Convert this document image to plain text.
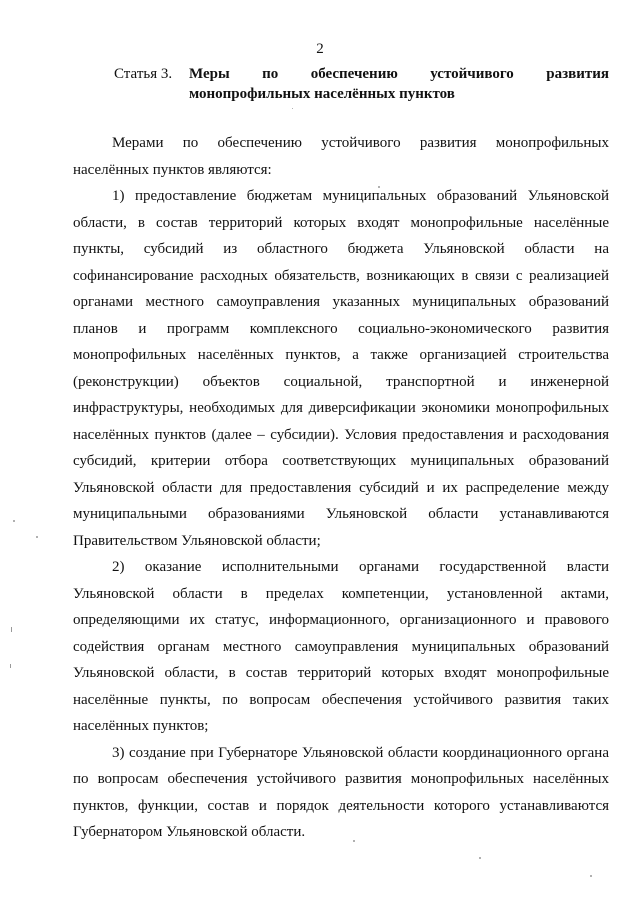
2
Статья 3. Меры по обеспечению устойчивого развития
монопрофильных населённых пунктов

Мерами по обеспечению устойчивого развития монопрофильных населённых пунктов являются:

1) предоставление бюджетам муниципальных образований Ульяновской области, в состав территорий которых входят монопрофильные населённые пункты, субсидий из областного бюджета Ульяновской области на софинансирование расходных обязательств, возникающих в связи с реализацией органами местного самоуправления указанных муниципальных образований планов и программ комплексного социально-экономического развития монопрофильных населённых пунктов, а также организацией строительства (реконструкции) объектов социальной, транспортной и инженерной инфраструктуры, необходимых для диверсификации экономики монопрофильных населённых пунктов (далее – субсидии). Условия предоставления и расходования субсидий, критерии отбора соответствующих муниципальных образований Ульяновской области для предоставления субсидий и их распределение между муниципальными образованиями Ульяновской области устанавливаются Правительством Ульяновской области;

2) оказание исполнительными органами государственной власти Ульяновской области в пределах компетенции, установленной актами, определяющими их статус, информационного, организационного и правового содействия органам местного самоуправления муниципальных образований Ульяновской области, в состав территорий которых входят монопрофильные населённые пункты, по вопросам обеспечения устойчивого развития таких населённых пунктов;

3) создание при Губернаторе Ульяновской области координационного органа по вопросам обеспечения устойчивого развития монопрофильных населённых пунктов, функции, состав и порядок деятельности которого устанавливаются Губернатором Ульяновской области.
